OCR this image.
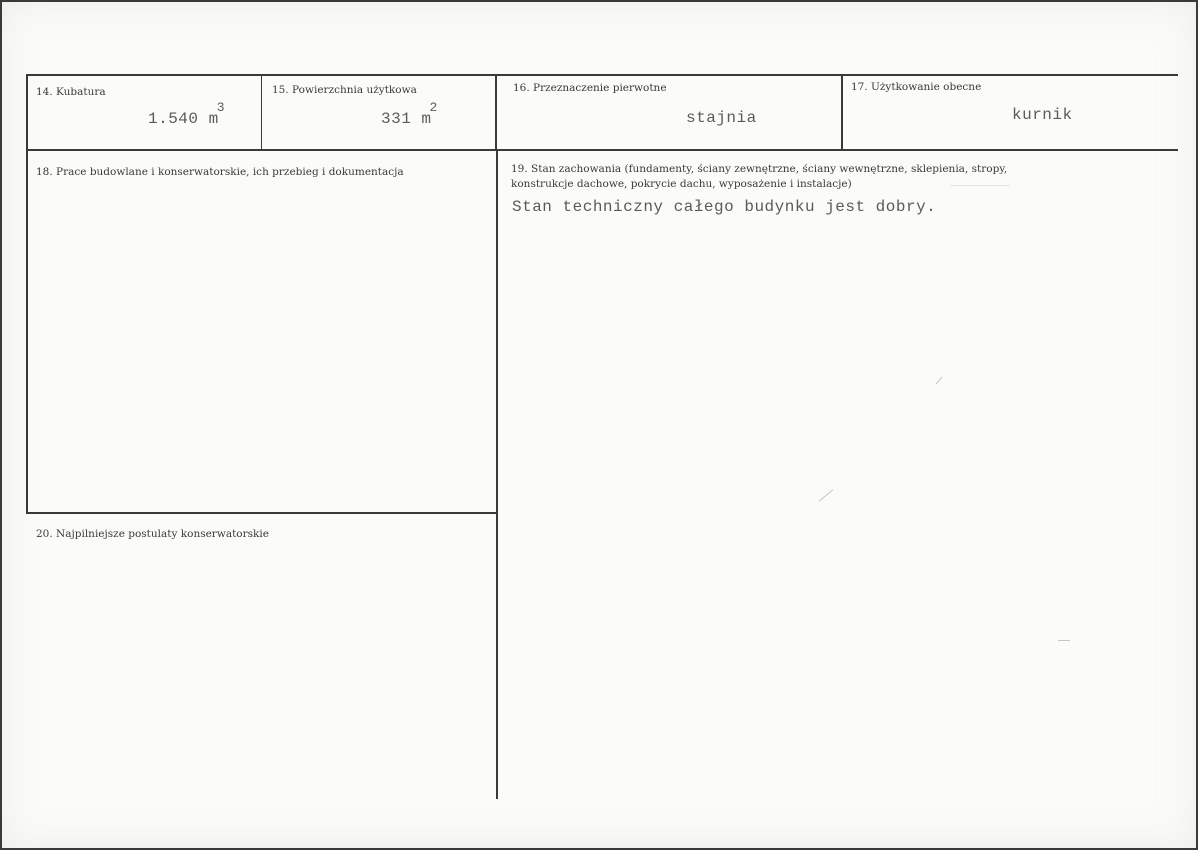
14. Kubatura
1.540 $m^3$
15. Powierzchnia użytkowa
331 $m^2$
16. Przeznaczenie pierwotne
stajnia
17. Użytkowanie obecne
kurnik
18. Prace budowlane i konserwatorskie, ich przebieg i dokumentacja	19. Stan zachowania (fundamenty, ściany zewnętrzne, ściany wewnętrzne, sklepienia, stropy,
konstrukcje dachowe, pokrycie dachu, wyposażenie i instalacje)
Stan techniczny całego budynku jest dobry.
20. Najpilniejsze postulaty konserwatorskie
